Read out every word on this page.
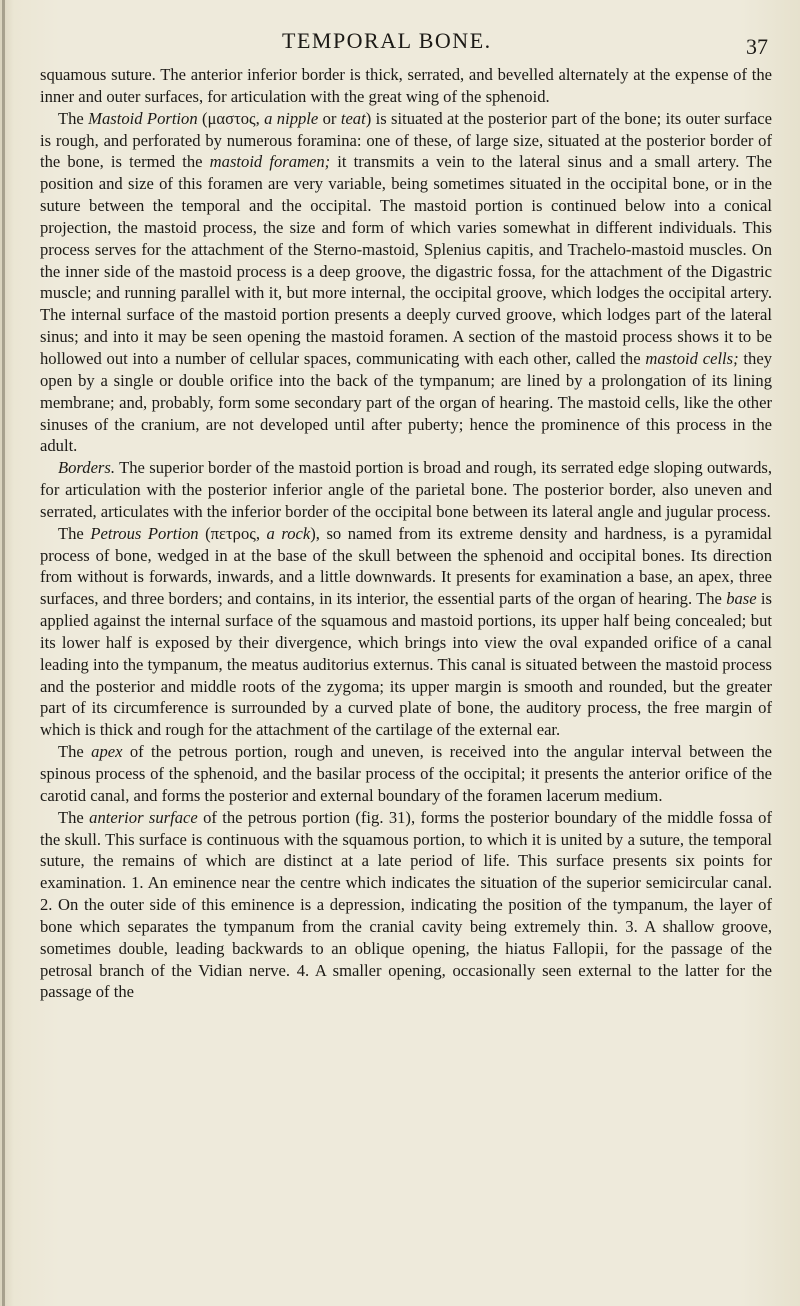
TEMPORAL BONE.	37

squamous suture. The anterior inferior border is thick, serrated, and bevelled alternately at the expense of the inner and outer surfaces, for articulation with the great wing of the sphenoid.

The Mastoid Portion (μαστος, a nipple or teat) is situated at the posterior part of the bone; its outer surface is rough, and perforated by numerous foramina: one of these, of large size, situated at the posterior border of the bone, is termed the mastoid foramen; it transmits a vein to the lateral sinus and a small artery. The position and size of this foramen are very variable, being sometimes situated in the occipital bone, or in the suture between the temporal and the occipital. The mastoid portion is continued below into a conical projection, the mastoid process, the size and form of which varies somewhat in different individuals. This process serves for the attachment of the Sterno-mastoid, Splenius capitis, and Trachelo-mastoid muscles. On the inner side of the mastoid process is a deep groove, the digastric fossa, for the attachment of the Digastric muscle; and running parallel with it, but more internal, the occipital groove, which lodges the occipital artery. The internal surface of the mastoid portion presents a deeply curved groove, which lodges part of the lateral sinus; and into it may be seen opening the mastoid foramen. A section of the mastoid process shows it to be hollowed out into a number of cellular spaces, communicating with each other, called the mastoid cells; they open by a single or double orifice into the back of the tympanum; are lined by a prolongation of its lining membrane; and, probably, form some secondary part of the organ of hearing. The mastoid cells, like the other sinuses of the cranium, are not developed until after puberty; hence the prominence of this process in the adult.

Borders. The superior border of the mastoid portion is broad and rough, its serrated edge sloping outwards, for articulation with the posterior inferior angle of the parietal bone. The posterior border, also uneven and serrated, articulates with the inferior border of the occipital bone between its lateral angle and jugular process.

The Petrous Portion (πετρος, a rock), so named from its extreme density and hardness, is a pyramidal process of bone, wedged in at the base of the skull between the sphenoid and occipital bones. Its direction from without is forwards, inwards, and a little downwards. It presents for examination a base, an apex, three surfaces, and three borders; and contains, in its interior, the essential parts of the organ of hearing. The base is applied against the internal surface of the squamous and mastoid portions, its upper half being concealed; but its lower half is exposed by their divergence, which brings into view the oval expanded orifice of a canal leading into the tympanum, the meatus auditorius externus. This canal is situated between the mastoid process and the posterior and middle roots of the zygoma; its upper margin is smooth and rounded, but the greater part of its circumference is surrounded by a curved plate of bone, the auditory process, the free margin of which is thick and rough for the attachment of the cartilage of the external ear.

The apex of the petrous portion, rough and uneven, is received into the angular interval between the spinous process of the sphenoid, and the basilar process of the occipital; it presents the anterior orifice of the carotid canal, and forms the posterior and external boundary of the foramen lacerum medium.

The anterior surface of the petrous portion (fig. 31), forms the posterior boundary of the middle fossa of the skull. This surface is continuous with the squamous portion, to which it is united by a suture, the temporal suture, the remains of which are distinct at a late period of life. This surface presents six points for examination. 1. An eminence near the centre which indicates the situation of the superior semicircular canal. 2. On the outer side of this eminence is a depression, indicating the position of the tympanum, the layer of bone which separates the tympanum from the cranial cavity being extremely thin. 3. A shallow groove, sometimes double, leading backwards to an oblique opening, the hiatus Fallopii, for the passage of the petrosal branch of the Vidian nerve. 4. A smaller opening, occasionally seen external to the latter for the passage of the
